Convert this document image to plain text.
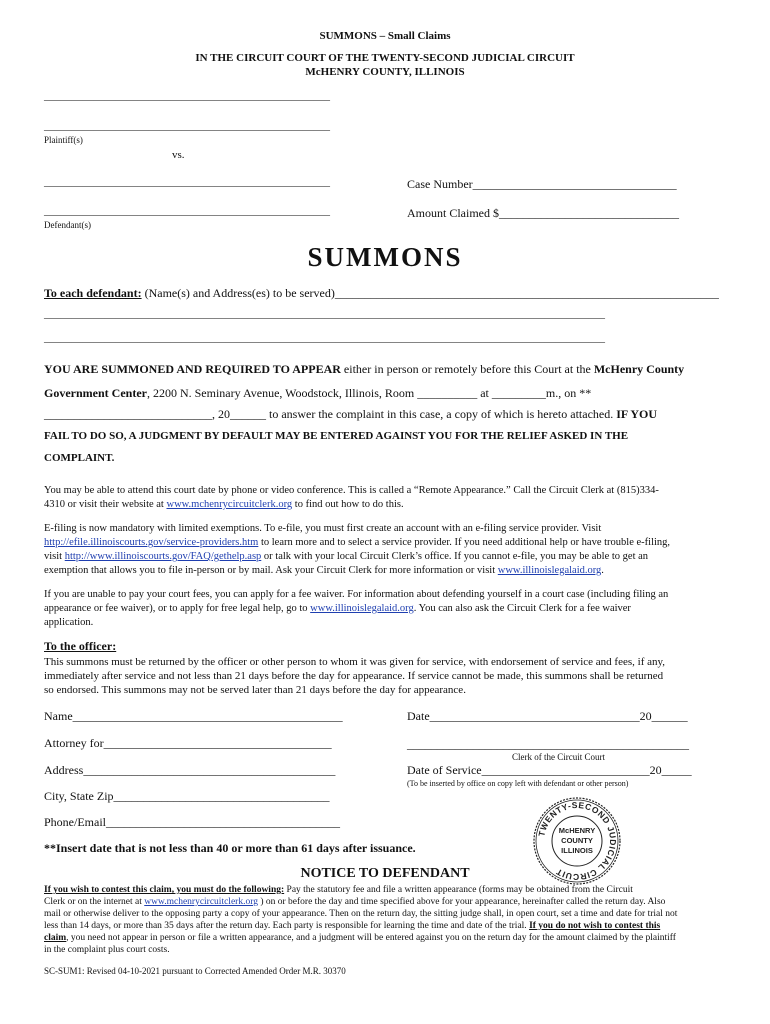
SUMMONS – Small Claims
IN THE CIRCUIT COURT OF THE TWENTY-SECOND JUDICIAL CIRCUIT
McHENRY COUNTY, ILLINOIS
____________________________________________________
____________________________________________________
Plaintiff(s)
vs.
____________________________________________________
____________________________________________________
Defendant(s)
Case Number__________________________________
Amount Claimed $______________________________
SUMMONS
To each defendant: (Name(s) and Address(es) to be served)________________________________________________________________
______________________________________________________________________________________________________
______________________________________________________________________________________________________
YOU ARE SUMMONED AND REQUIRED TO APPEAR either in person or remotely before this Court at the McHenry County
Government Center, 2200 N. Seminary Avenue, Woodstock, Illinois, Room __________ at _________m., on **
____________________________, 20______ to answer the complaint in this case, a copy of which is hereto attached. IF YOU
FAIL TO DO SO, A JUDGMENT BY DEFAULT MAY BE ENTERED AGAINST YOU FOR THE RELIEF ASKED IN THE
COMPLAINT.
You may be able to attend this court date by phone or video conference. This is called a “Remote Appearance.” Call the Circuit Clerk at (815)334-
4310 or visit their website at www.mchenrycircuitclerk.org to find out how to do this.
E-filing is now mandatory with limited exemptions. To e-file, you must first create an account with an e-filing service provider. Visit
http://efile.illinoiscourts.gov/service-providers.htm to learn more and to select a service provider. If you need additional help or have trouble e-filing,
visit http://www.illinoiscourts.gov/FAQ/gethelp.asp or talk with your local Circuit Clerk’s office. If you cannot e-file, you may be able to get an
exemption that allows you to file in-person or by mail. Ask your Circuit Clerk for more information or visit www.illinoislegalaid.org.
If you are unable to pay your court fees, you can apply for a fee waiver. For information about defending yourself in a court case (including filing an
appearance or fee waiver), or to apply for free legal help, go to www.illinoislegalaid.org. You can also ask the Circuit Clerk for a fee waiver
application.
To the officer:
This summons must be returned by the officer or other person to whom it was given for service, with endorsement of service and fees, if any,
immediately after service and not less than 21 days before the day for appearance. If service cannot be made, this summons shall be returned
so endorsed. This summons may not be served later than 21 days before the day for appearance.
Name_____________________________________________
Attorney for______________________________________
Address__________________________________________
City, State Zip____________________________________
Phone/Email_______________________________________
Date___________________________________20______
_______________________________________________
Clerk of the Circuit Court
Date of Service____________________________20_____
(To be inserted by office on copy left with defendant or other person)
TWENTY-SECOND JUDICIAL CIRCUIT
McHENRY
COUNTY
ILLINOIS
**Insert date that is not less than 40 or more than 61 days after issuance.
NOTICE TO DEFENDANT
If you wish to contest this claim, you must do the following: Pay the statutory fee and file a written appearance (forms may be obtained from the Circuit
Clerk or on the internet at www.mchenrycircuitclerk.org ) on or before the day and time specified above for your appearance, hereinafter called the return day. Also
mail or otherwise deliver to the opposing party a copy of your appearance. Then on the return day, the sitting judge shall, in open court, set a time and date for trial not
less than 14 days, or more than 35 days after the return day. Each party is responsible for learning the time and date of the trial. If you do not wish to contest this
claim, you need not appear in person or file a written appearance, and a judgment will be entered against you on the return day for the amount claimed by the plaintiff
in the complaint plus court costs.
SC-SUM1: Revised 04-10-2021 pursuant to Corrected Amended Order M.R. 30370
